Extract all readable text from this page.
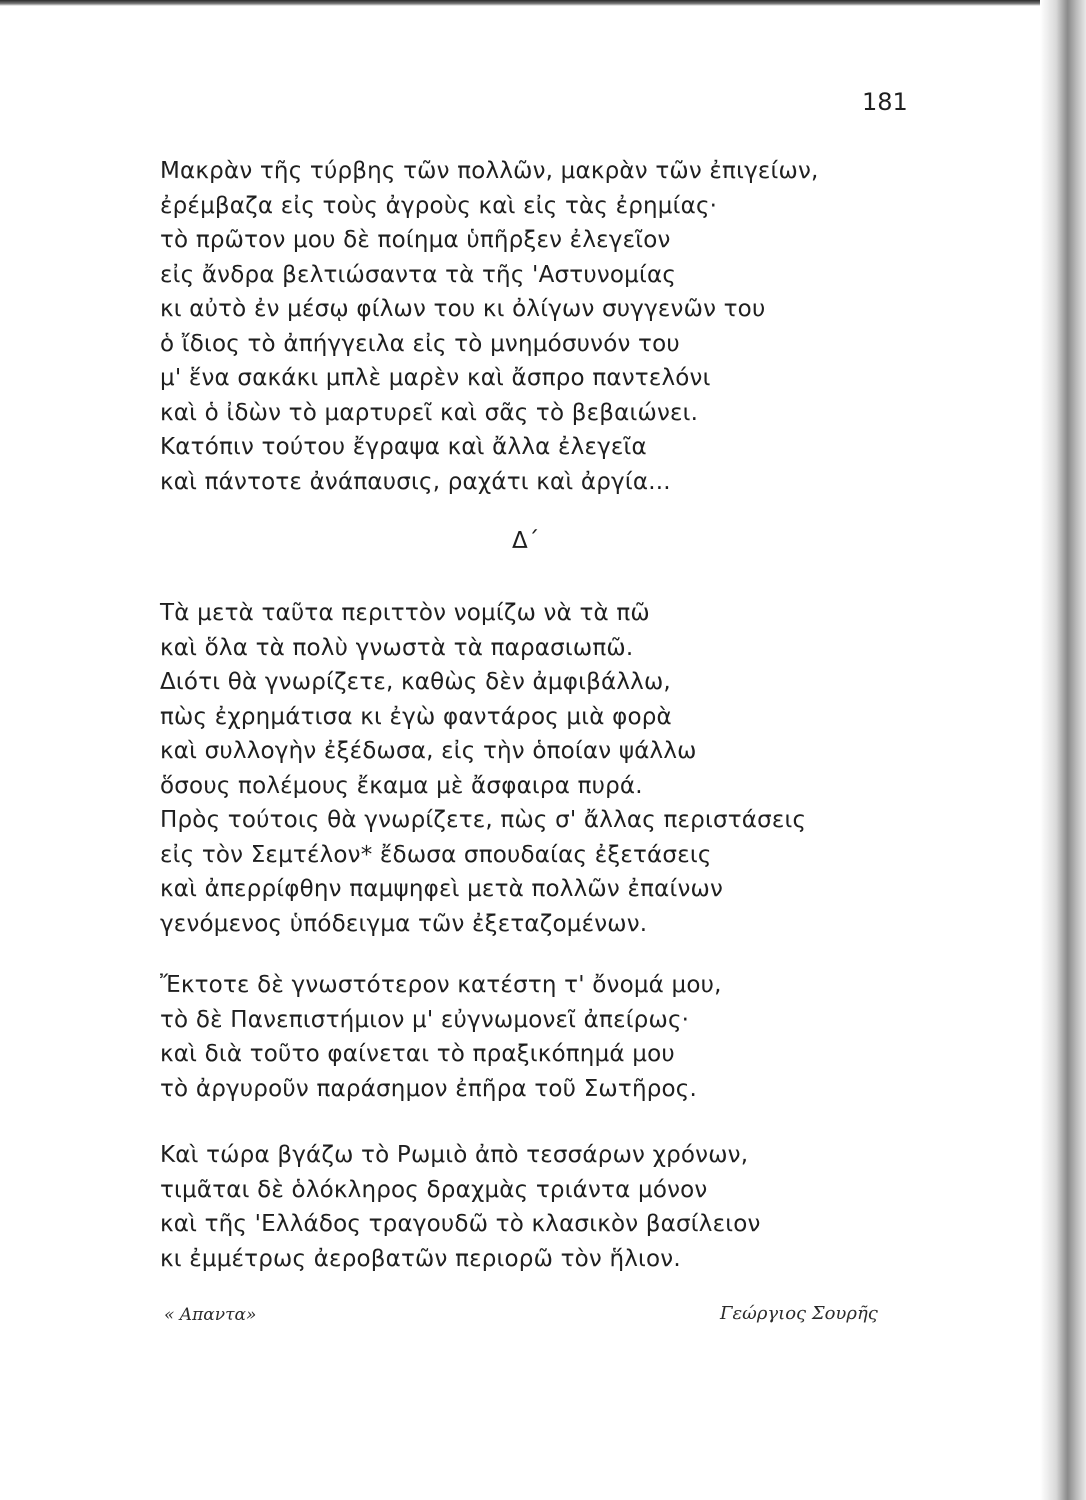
181
Μακρὰν τῆς τύρβης τῶν πολλῶν, μακρὰν τῶν ἐπιγείων,
ἐρέμβαζα εἰς τοὺς ἀγροὺς καὶ εἰς τὰς ἐρημίας·
τὸ πρῶτον μου δὲ ποίημα ὑπῆρξεν ἐλεγεῖον
εἰς ἄνδρα βελτιώσαντα τὰ τῆς 'Αστυνομίας
κι αὐτὸ ἐν μέσῳ φίλων του κι ὀλίγων συγγενῶν του
ὁ ἴδιος τὸ ἀπήγγειλα εἰς τὸ μνημόσυνόν του
μ' ἕνα σακάκι μπλὲ μαρὲν καὶ ἄσπρο παντελόνι
καὶ ὁ ἰδὼν τὸ μαρτυρεῖ καὶ σᾶς τὸ βεβαιώνει.
Κατόπιν τούτου ἔγραψα καὶ ἄλλα ἐλεγεῖα
καὶ πάντοτε ἀνάπαυσις, ραχάτι καὶ ἀργία...
Δ΄
Τὰ μετὰ ταῦτα περιττὸν νομίζω νὰ τὰ πῶ
καὶ ὅλα τὰ πολὺ γνωστὰ τὰ παρασιωπῶ.
Διότι θὰ γνωρίζετε, καθὼς δὲν ἀμφιβάλλω,
πὼς ἐχρημάτισα κι ἐγὼ φαντάρος μιὰ φορὰ
καὶ συλλογὴν ἐξέδωσα, εἰς τὴν ὁποίαν ψάλλω
ὅσους πολέμους ἔκαμα μὲ ἄσφαιρα πυρά.
Πρὸς τούτοις θὰ γνωρίζετε, πὼς σ' ἄλλας περιστάσεις
εἰς τὸν Σεμτέλον* ἔδωσα σπουδαίας ἐξετάσεις
καὶ ἀπερρίφθην παμψηφεὶ μετὰ πολλῶν ἐπαίνων
γενόμενος ὑπόδειγμα τῶν ἐξεταζομένων.
Ἔκτοτε δὲ γνωστότερον κατέστη τ' ὄνομά μου,
τὸ δὲ Πανεπιστήμιον μ' εὐγνωμονεῖ ἀπείρως·
καὶ διὰ τοῦτο φαίνεται τὸ πραξικόπημά μου
τὸ ἀργυροῦν παράσημον ἐπῆρα τοῦ Σωτῆρος.
Καὶ τώρα βγάζω τὸ Ρωμιὸ ἀπὸ τεσσάρων χρόνων,
τιμᾶται δὲ ὁλόκληρος δραχμὰς τριάντα μόνον
καὶ τῆς 'Ελλάδος τραγουδῶ τὸ κλασικὸν βασίλειον
κι ἐμμέτρως ἀεροβατῶν περιορῶ τὸν ἥλιον.
« Απαντα»	Γεώργιος Σουρῆς
